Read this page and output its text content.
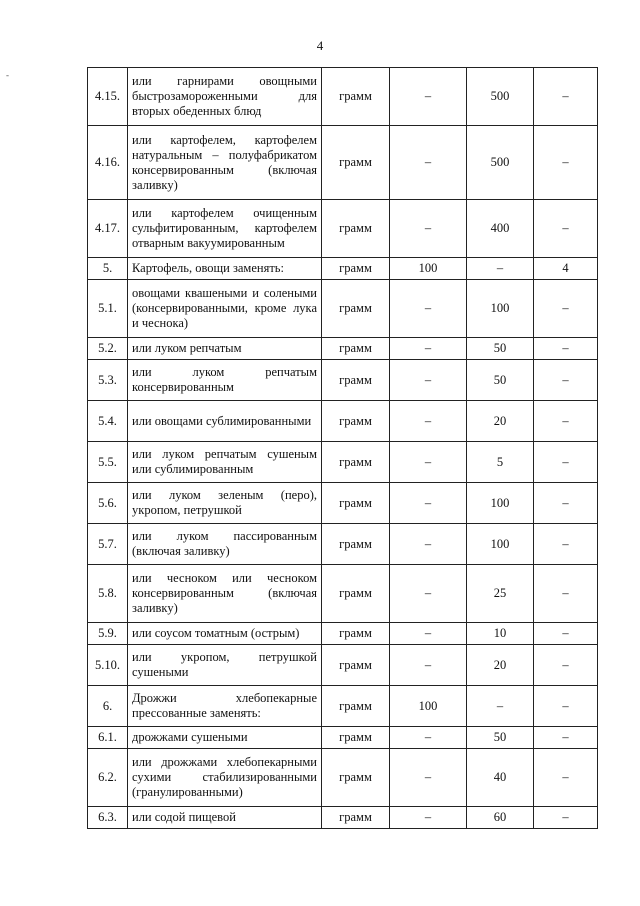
4
-
4.15.	или гарнирами овощными быстрозамороженными для вторых обеденных блюд	грамм	–	500	–
4.16.	или картофелем, картофелем натуральным – полуфабрикатом консервированным (включая заливку)	грамм	–	500	–
4.17.	или картофелем очищенным сульфитированным, картофелем отварным вакуумированным	грамм	–	400	–
5.	Картофель, овощи заменять:	грамм	100	–	4
5.1.	овощами квашеными и солеными (консервированными, кроме лука и чеснока)	грамм	–	100	–
5.2.	или луком репчатым	грамм	–	50	–
5.3.	или луком репчатым консервированным	грамм	–	50	–
5.4.	или овощами сублимированными	грамм	–	20	–
5.5.	или луком репчатым сушеным или сублимированным	грамм	–	5	–
5.6.	или луком зеленым (перо), укропом, петрушкой	грамм	–	100	–
5.7.	или луком пассированным (включая заливку)	грамм	–	100	–
5.8.	или чесноком или чесноком консервированным (включая заливку)	грамм	–	25	–
5.9.	или соусом томатным (острым)	грамм	–	10	–
5.10.	или укропом, петрушкой сушеными	грамм	–	20	–
6.	Дрожжи хлебопекарные прессованные заменять:	грамм	100	–	–
6.1.	дрожжами сушеными	грамм	–	50	–
6.2.	или дрожжами хлебопекарными сухими стабилизированными (гранулированными)	грамм	–	40	–
6.3.	или содой пищевой	грамм	–	60	–
